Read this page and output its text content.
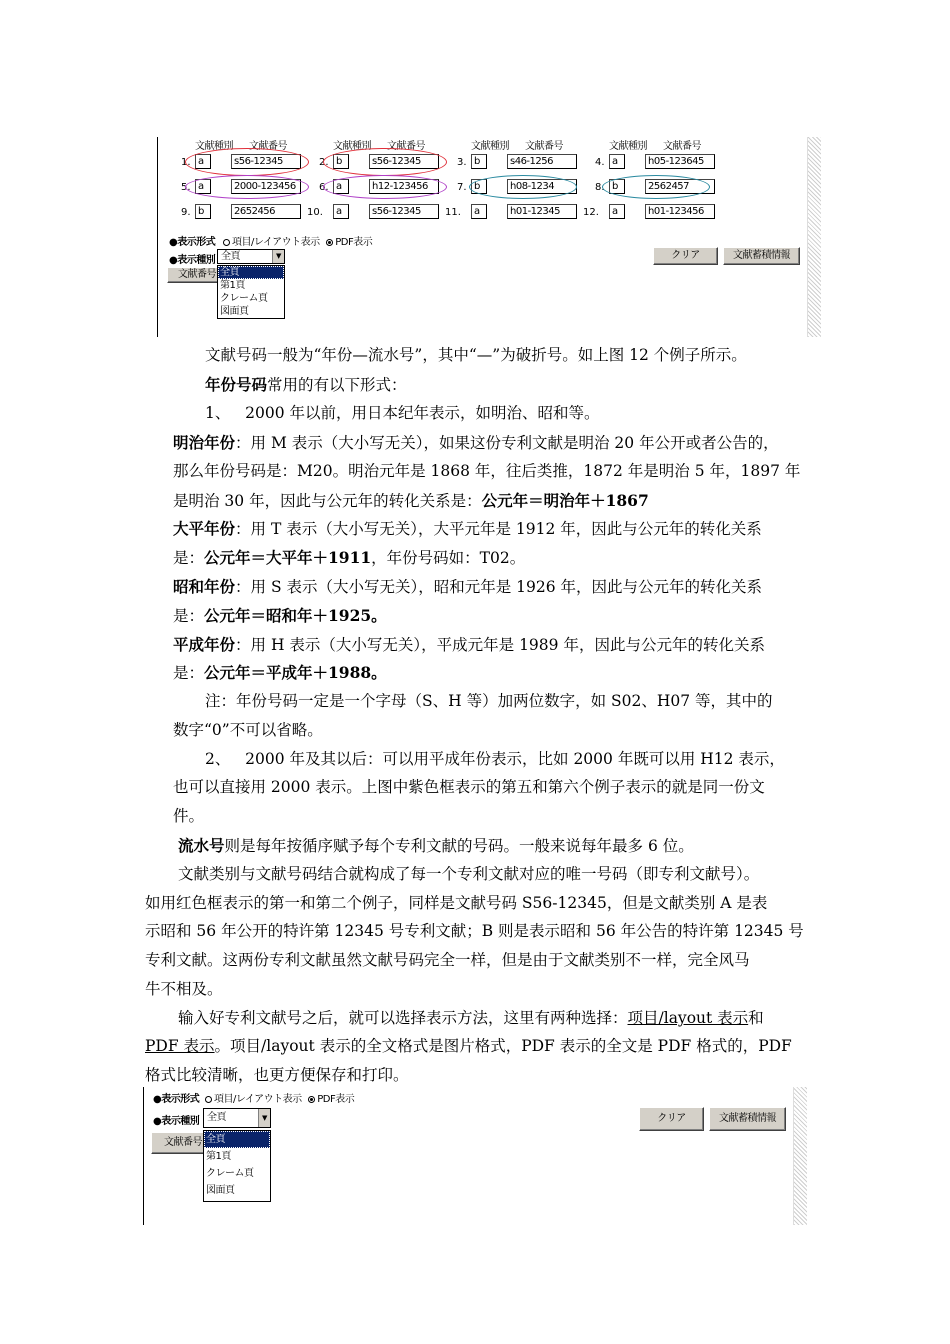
文献種別 文献番号	文献種別 文献番号	文献種別 文献番号	文献種別 文献番号
1. a	s56-12345	2. b	s56-12345	3. b	s46-1256	4. a	h05-123645
5. a	2000-123456	6. a	h12-123456	7. b	h08-1234	8. b	2562457
9. b	2652456	10.	a	s56-12345	11.	a	h01-12345	12.	a	h01-123456
●表示形式	項目/レイアウト表示 PDF表示
●表示種別
文献番号
全頁	▼
全頁
第1頁
クレーム頁
図面頁
クリア	文献蓄積情報
文献号码一般为“年份—流水号”，其中“—”为破折号。如上图 12 个例子所示。
年份号码常用的有以下形式：
1、   2000 年以前，用日本纪年表示，如明治、昭和等。
明治年份：用 M 表示（大小写无关），如果这份专利文献是明治 20 年公开或者公告的，
那么年份号码是：M20。明治元年是 1868 年，往后类推，1872 年是明治 5 年，1897 年
是明治 30 年，因此与公元年的转化关系是：公元年＝明治年＋1867
大平年份：用 T 表示（大小写无关），大平元年是 1912 年，因此与公元年的转化关系
是：公元年＝大平年＋1911，年份号码如：T02。
昭和年份：用 S 表示（大小写无关），昭和元年是 1926 年，因此与公元年的转化关系
是：公元年＝昭和年＋1925。
平成年份：用 H 表示（大小写无关），平成元年是 1989 年，因此与公元年的转化关系
是：公元年＝平成年＋1988。
注：年份号码一定是一个字母（S、H 等）加两位数字，如 S02、H07 等，其中的
数字“0”不可以省略。
2、   2000 年及其以后：可以用平成年份表示，比如 2000 年既可以用 H12 表示，
也可以直接用 2000 表示。上图中紫色框表示的第五和第六个例子表示的就是同一份文
件。
流水号则是每年按循序赋予每个专利文献的号码。一般来说每年最多 6 位。
文献类别与文献号码结合就构成了每一个专利文献对应的唯一号码（即专利文献号）。
如用红色框表示的第一和第二个例子，同样是文献号码 S56-12345，但是文献类别 A 是表
示昭和 56 年公开的特许第 12345 号专利文献；B 则是表示昭和 56 年公告的特许第 12345 号
专利文献。这两份专利文献虽然文献号码完全一样，但是由于文献类别不一样，完全风马
牛不相及。
输入好专利文献号之后，就可以选择表示方法，这里有两种选择：项目/layout 表示和
PDF 表示。项目/layout 表示的全文格式是图片格式，PDF 表示的全文是 PDF 格式的，PDF
格式比较清晰，也更方便保存和打印。
●表示形式	項目/レイアウト表示 PDF表示
●表示種別
文献番号
全頁	▼
全頁
第1頁
クレーム頁
図面頁
クリア	文献蓄積情報
